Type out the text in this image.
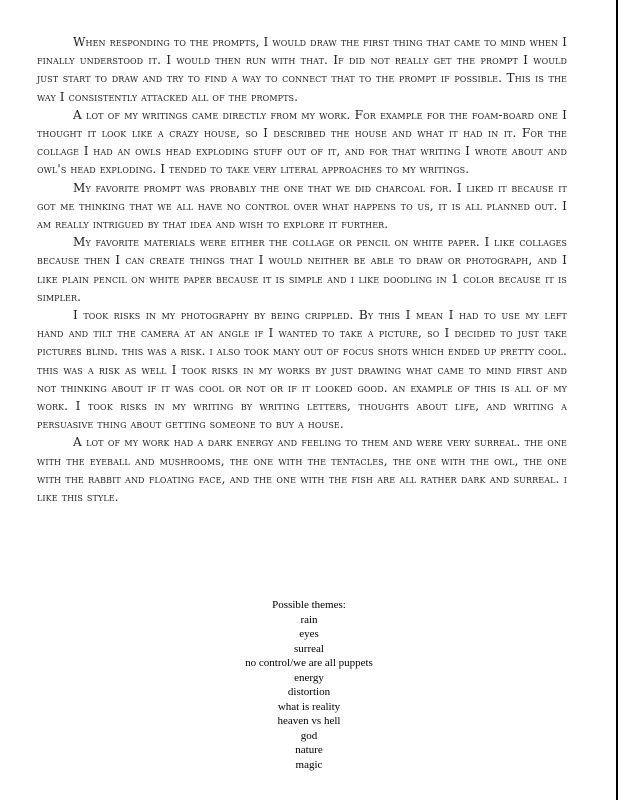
When responding to the prompts, I would draw the first thing that came to mind when I finally understood it. I would then run with that. If did not really get the prompt I would just start to draw and try to find a way to connect that to the prompt if possible. This is the way I consistently attacked all of the prompts.

A lot of my writings came directly from my work. For example for the foam-board one I thought it look like a crazy house, so I described the house and what it had in it. For the collage I had an owls head exploding stuff out of it, and for that writing I wrote about and owl's head exploding. I tended to take very literal approaches to my writings.

My favorite prompt was probably the one that we did charcoal for. I liked it because it got me thinking that we all have no control over what happens to us, it is all planned out. I am really intrigued by that idea and wish to explore it further.

My favorite materials were either the collage or pencil on white paper. I like collages because then I can create things that I would neither be able to draw or photograph, and I like plain pencil on white paper because it is simple and i like doodling in 1 color because it is simpler.

I took risks in my photography by being crippled. By this I mean I had to use my left hand and tilt the camera at an angle if I wanted to take a picture, so I decided to just take pictures blind. this was a risk. i also took many out of focus shots which ended up pretty cool. this was a risk as well I took risks in my works by just drawing what came to mind first and not thinking about if it was cool or not or if it looked good. an example of this is all of my work. I took risks in my writing by writing letters, thoughts about life, and writing a persuasive thing about getting someone to buy a house.

A lot of my work had a dark energy and feeling to them and were very surreal. the one with the eyeball and mushrooms, the one with the tentacles, the one with the owl, the one with the rabbit and floating face, and the one with the fish are all rather dark and surreal. i like this style.

Possible themes:
rain
eyes
surreal
no control/we are all puppets
energy
distortion
what is reality
heaven vs hell
god
nature
magic
